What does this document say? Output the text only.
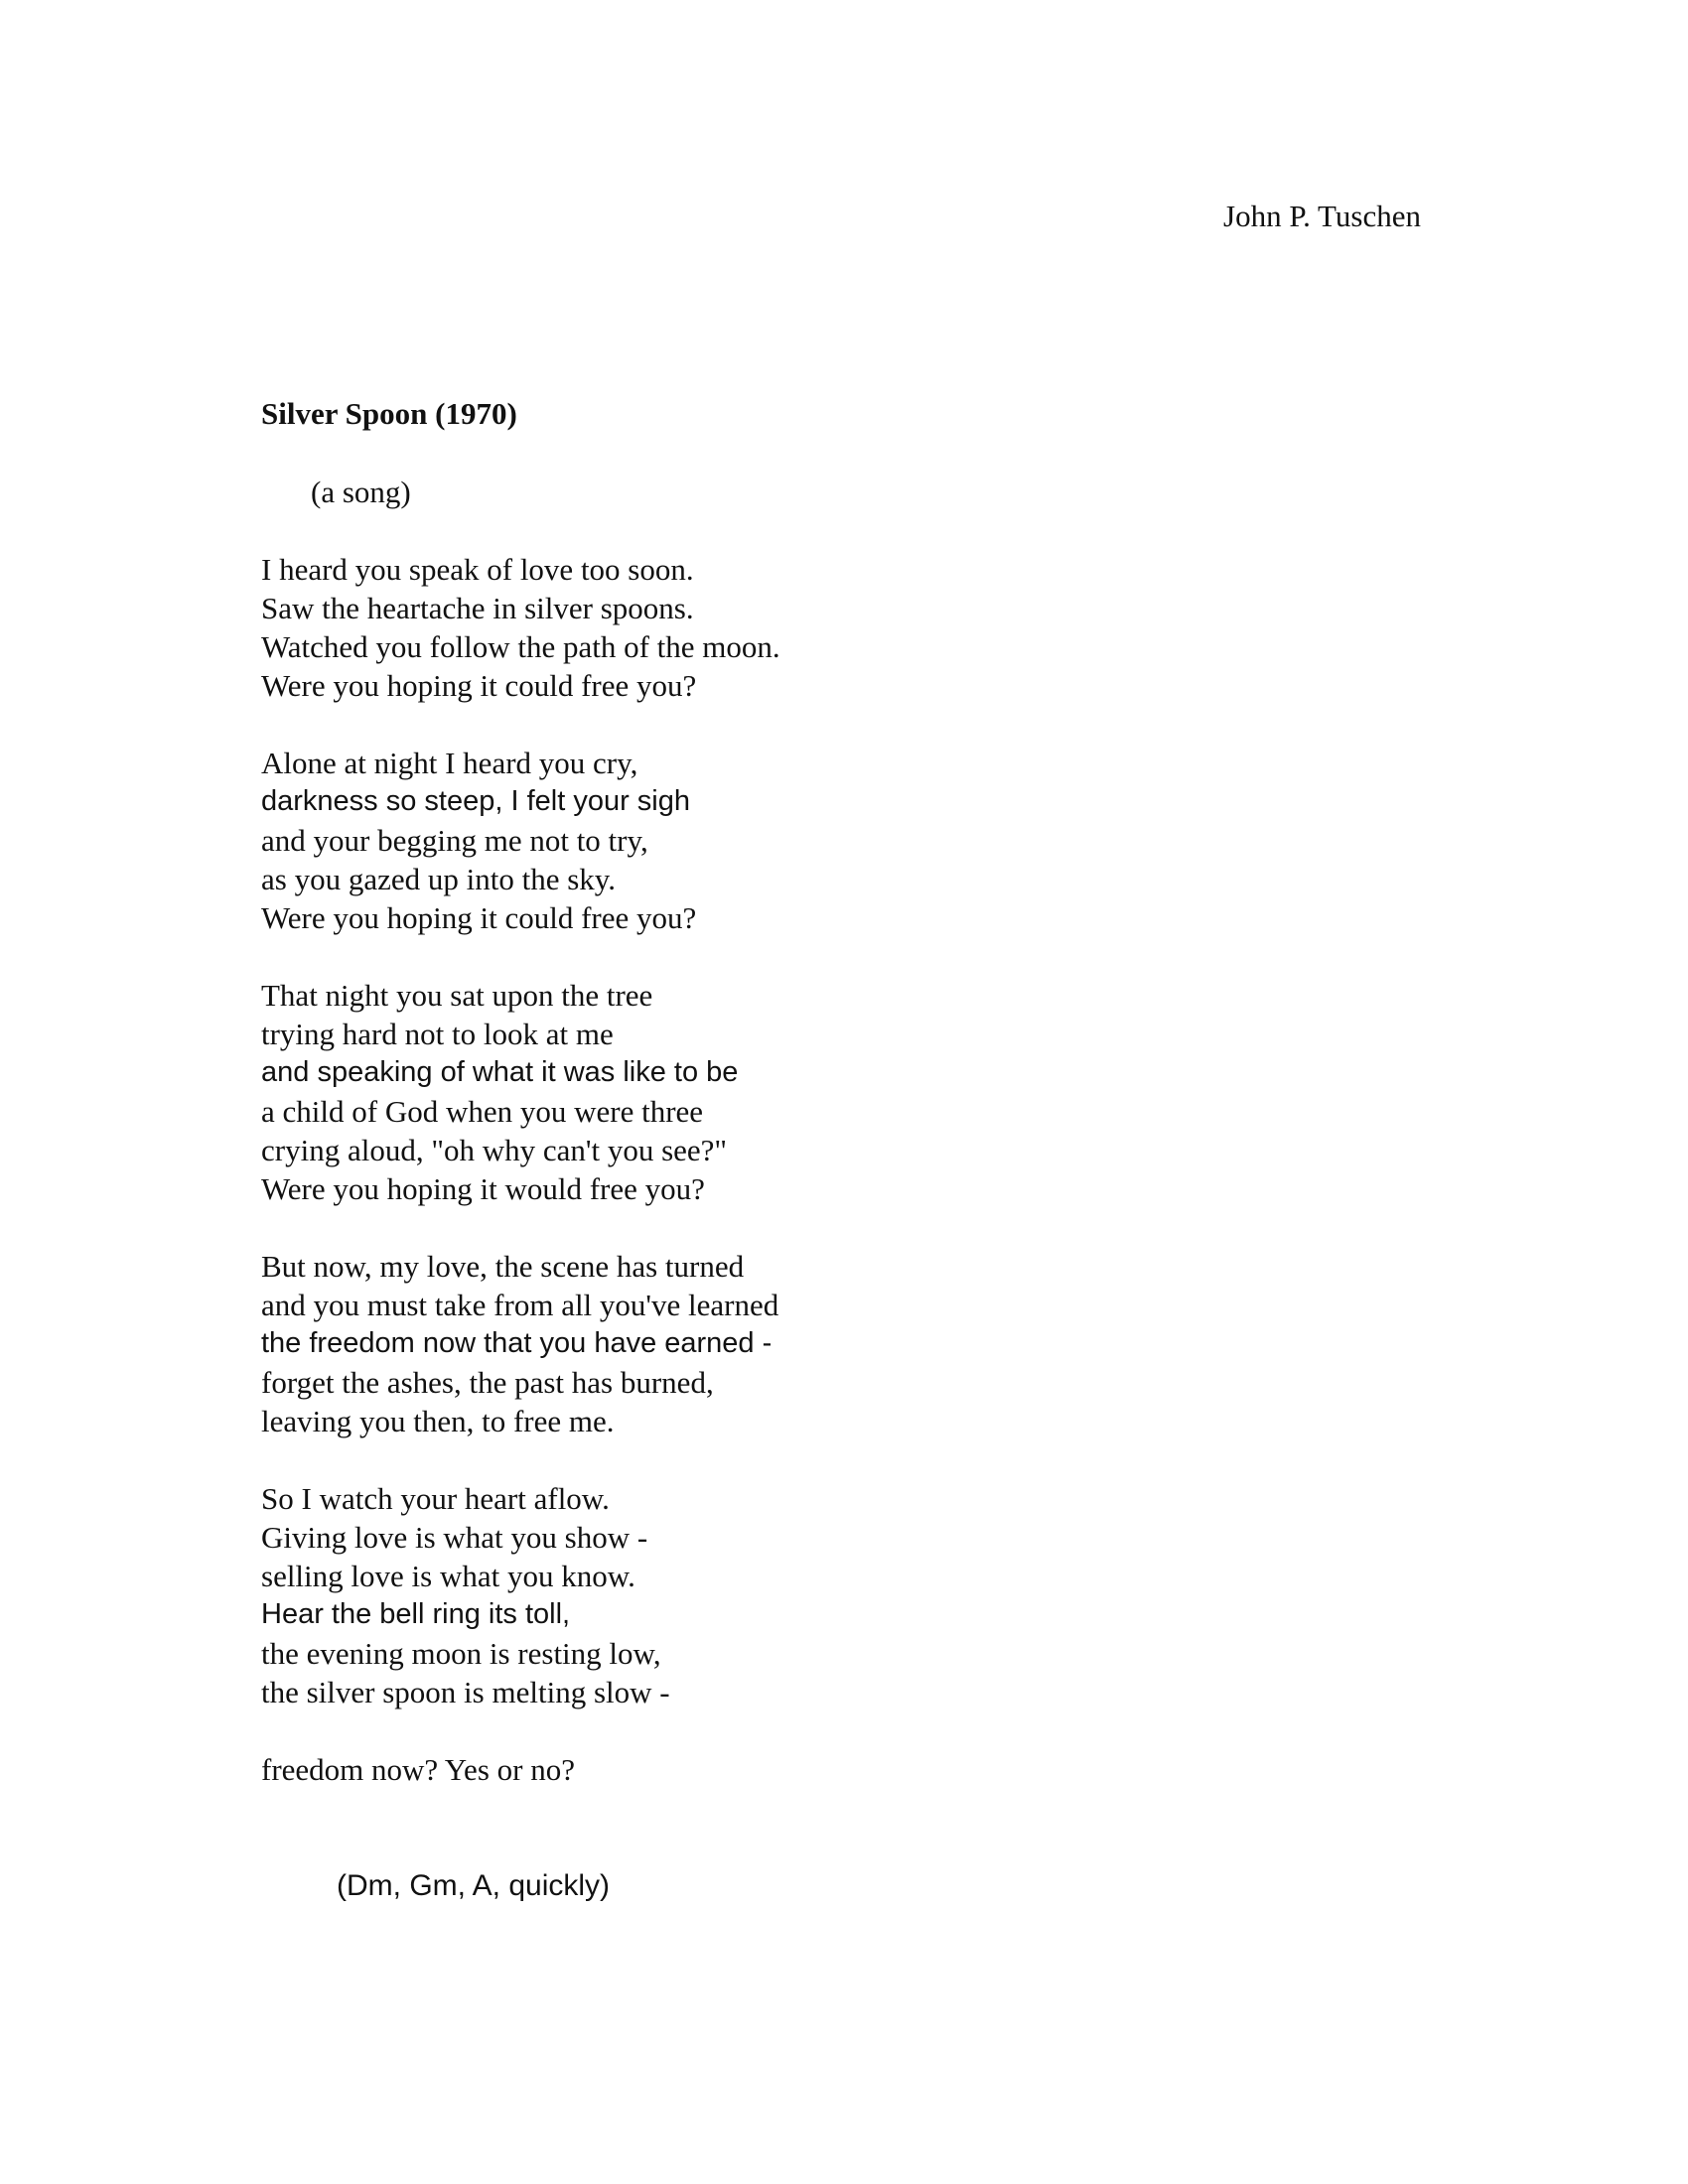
John P. Tuschen
Silver Spoon (1970)
(a song)
I heard you speak of love too soon.
Saw the heartache in silver spoons.
Watched you follow the path of the moon.
Were you hoping it could free you?
Alone at night I heard you cry,
darkness so steep, I felt your sigh
and your begging me not to try,
as you gazed up into the sky.
Were you hoping it could free you?
That night you sat upon the tree
trying hard not to look at me
and speaking of what it was like to be
a child of God when you were three
crying aloud, "oh why can't you see?"
Were you hoping it would free you?
But now, my love, the scene has turned
and you must take from all you've learned
the freedom now that you have earned -
forget the ashes, the past has burned,
leaving you then, to free me.
So I watch your heart aflow.
Giving love is what you show -
selling love is what you know.
Hear the bell ring its toll,
the evening moon is resting low,
the silver spoon is melting slow -
freedom now? Yes or no?
(Dm, Gm, A, quickly)
